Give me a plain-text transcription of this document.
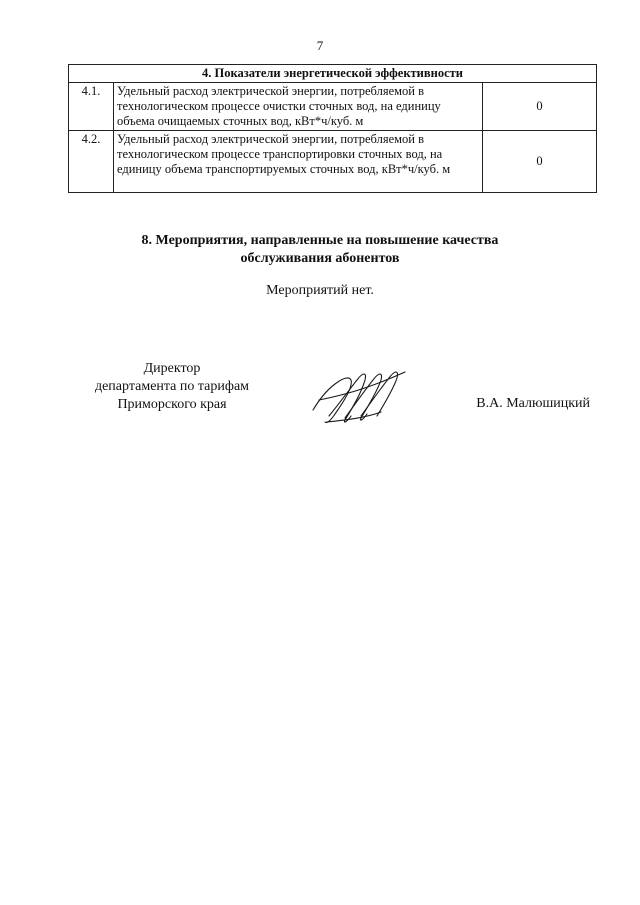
7
4. Показатели энергетической эффективности		
4.1.	Удельный расход электрической энергии, потребляемой в технологическом процессе очистки сточных вод, на единицу объема очищаемых сточных вод, кВт*ч/куб. м	0
4.2.	Удельный расход электрической энергии, потребляемой в технологическом процессе транспортировки сточных вод, на единицу объема транспортируемых сточных вод, кВт*ч/куб. м	0
8. Мероприятия, направленные на повышение качества
обслуживания абонентов
Мероприятий нет.
Директор
департамента по тарифам
Приморского края	В.А. Малюшицкий
